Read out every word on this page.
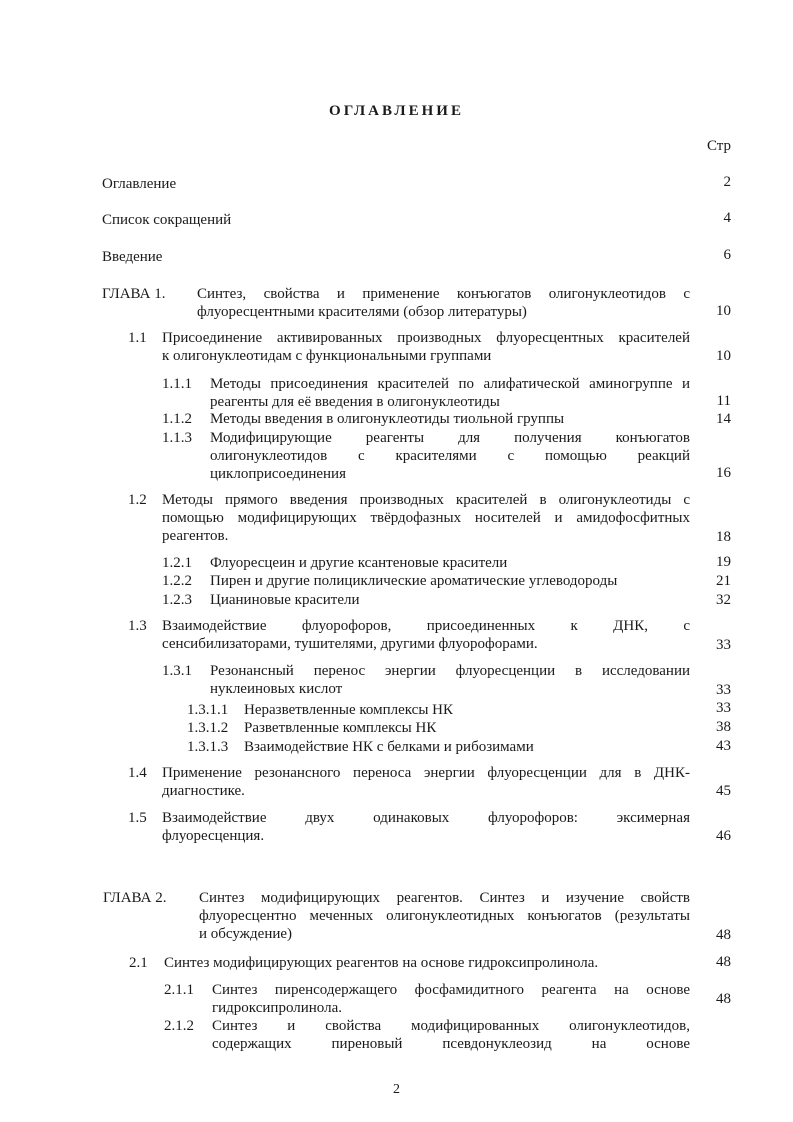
ОГЛАВЛЕНИЕ
Стр
Оглавление	2
Список сокращений	4
Введение	6
ГЛАВА 1. Синтез, свойства и применение конъюгатов олигонуклеотидов с
флуоресцентными красителями (обзор литературы)	10
1.1 Присоединение активированных производных флуоресцентных красителей
к олигонуклеотидам с функциональными группами	10
1.1.1 Методы присоединения красителей по алифатической аминогруппе и
реагенты для её введения в олигонуклеотиды	11
1.1.2 Методы введения в олигонуклеотиды тиольной группы	14
1.1.3 Модифицирующие реагенты для получения конъюгатов
олигонуклеотидов с красителями с помощью реакций
циклоприсоединения	16
1.2 Методы прямого введения производных красителей в олигонуклеотиды с
помощью модифицирующих твёрдофазных носителей и амидофосфитных
реагентов.	18
1.2.1 Флуоресцеин и другие ксантеновые красители	19
1.2.2 Пирен и другие полициклические ароматические углеводороды	21
1.2.3 Цианиновые красители	32
1.3 Взаимодействие флуорофоров, присоединенных к ДНК, с
сенсибилизаторами, тушителями, другими флуорофорами.	33
1.3.1 Резонансный перенос энергии флуоресценции в исследовании
нуклеиновых кислот	33
1.3.1.1 Неразветвленные комплексы НК	33
1.3.1.2 Разветвленные комплексы НК	38
1.3.1.3 Взаимодействие НК с белками и рибозимами	43
1.4 Применение резонансного переноса энергии флуоресценции для в ДНК-
диагностике.	45
1.5 Взаимодействие двух одинаковых флуорофоров: эксимерная
флуоресценция.	46
ГЛАВА 2. Синтез модифицирующих реагентов. Синтез и изучение свойств
флуоресцентно меченных олигонуклеотидных конъюгатов (результаты
и обсуждение)	48
2.1 Синтез модифицирующих реагентов на основе гидроксипролинола.	48
2.1.1 Синтез пиренсодержащего фосфамидитного реагента на основе
гидроксипролинола.
48
2.1.2 Синтез и свойства модифицированных олигонуклеотидов,
содержащих пиреновый псевдонуклеозид на основе
2
